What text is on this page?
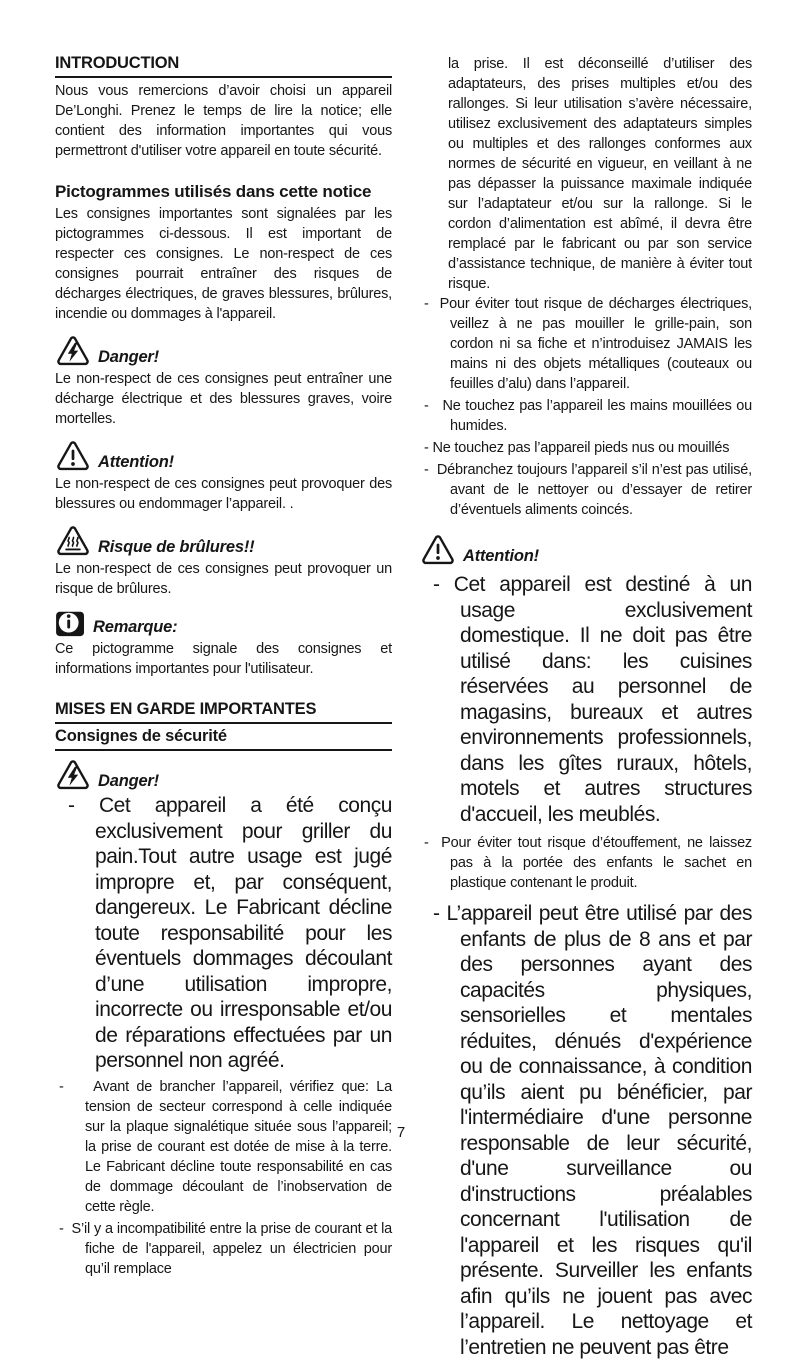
INTRODUCTION

Nous vous remercions d’avoir choisi un appareil De’Longhi. Prenez le temps de lire la notice; elle contient des information importantes qui vous permettront d'utiliser votre appareil en toute sécurité.

Pictogrammes utilisés dans cette notice

Les consignes importantes sont signalées par les pictogrammes ci-dessous. Il est important de respecter ces consignes. Le non-respect de ces consignes pourrait entraîner des risques de décharges électriques, de graves blessures, brûlures, incendie ou dommages à l'appareil.

Danger!

Le non-respect de ces consignes peut entraîner une décharge électrique et des blessures graves, voire mortelles.

Attention!

Le non-respect de ces consignes peut provoquer des blessures ou endommager l’appareil. .

Risque de brûlures!!

Le non-respect de ces consignes peut provoquer un risque de brûlures.

Remarque:

Ce pictogramme signale des consignes et informations importantes pour l'utilisateur.

MISES EN GARDE IMPORTANTES
Consignes de sécurité
Danger!
- Cet appareil a été conçu exclusivement pour griller du pain.Tout autre usage est jugé impropre et, par conséquent, dangereux. Le Fabricant décline toute responsabilité pour les éventuels dommages découlant d’une utilisation impropre, incorrecte ou irresponsable et/ou de réparations effectuées par un personnel non agréé.
-    Avant de brancher l’appareil, vérifiez que: La tension de secteur correspond à celle indiquée sur la plaque signalétique située sous l’appareil; la prise de courant est dotée de mise à la terre. Le Fabricant décline toute responsabilité en cas de dommage découlant de l’inobservation de cette règle.
-  S’il y a incompatibilité entre la prise de courant et la fiche de l'appareil, appelez un électricien pour qu’il remplace

la prise. Il est déconseillé d’utiliser des adaptateurs, des prises multiples et/ou des rallonges. Si leur utilisation s’avère nécessaire, utilisez exclusivement des adaptateurs simples ou multiples et des rallonges conformes aux normes de sécurité en vigueur, en veillant à ne pas dépasser la puissance maximale indiquée sur l’adaptateur et/ou sur la rallonge. Si le cordon d’alimentation est abîmé, il devra être remplacé par le fabricant ou par son service d’assistance technique, de manière à éviter tout risque.

-  Pour éviter tout risque de décharges électriques, veillez à ne pas mouiller le grille-pain, son cordon ni sa fiche et n’introduisez JAMAIS les mains ni des objets métalliques (couteaux ou feuilles d’alu) dans l’appareil.
-   Ne touchez pas l’appareil les mains mouillées ou humides.
- Ne touchez pas l’appareil pieds nus ou mouillés
-  Débranchez toujours l’appareil s’il n’est pas utilisé, avant de le nettoyer ou d’essayer de retirer d’éventuels aliments coincés.
Attention!
- Cet appareil est destiné à un usage exclusivement domestique. Il ne doit pas être utilisé dans: les cuisines réservées au personnel de magasins, bureaux et autres environnements professionnels, dans les gîtes ruraux, hôtels, motels et autres structures d'accueil, les meublés.
-  Pour éviter tout risque d’étouffement, ne laissez pas à la portée des enfants le sachet en plastique contenant le produit.
- L’appareil peut être utilisé par des enfants de plus de 8 ans et par des personnes ayant des capacités physiques, sensorielles et mentales réduites, dénués d'expérience ou de connaissance, à condition qu’ils aient pu bénéficier, par l'intermédiaire d'une personne responsable de leur sécurité, d'une surveillance ou d'instructions préalables concernant l'utilisation de l'appareil et les risques qu'il présente. Surveiller les enfants afin qu’ils ne jouent pas avec l’appareil. Le nettoyage et l’entretien ne peuvent pas être
7
